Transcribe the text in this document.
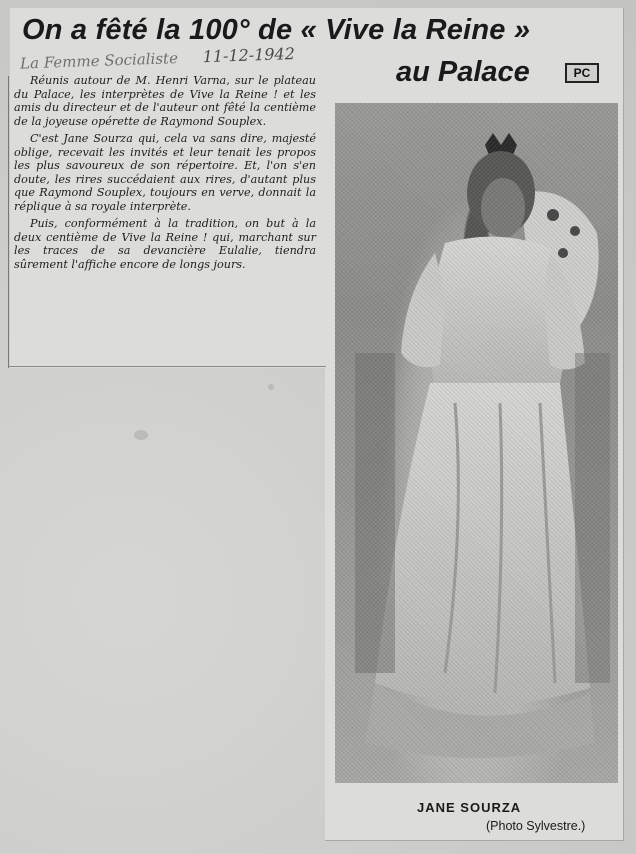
On a fêté la 100° de « Vive la Reine »
au Palace	PC
La Femme Socialiste 11-12-1942

Réunis autour de M. Henri Varna, sur le plateau du Palace, les interprètes de Vive la Reine ! et les amis du directeur et de l'auteur ont fêté la centième de la joyeuse opérette de Raymond Souplex.

C'est Jane Sourza qui, cela va sans dire, majesté oblige, recevait les invités et leur tenait les propos les plus savoureux de son répertoire. Et, l'on s'en doute, les rires succédaient aux rires, d'autant plus que Raymond Souplex, toujours en verve, donnait la réplique à sa royale interprète.

Puis, conformément à la tradition, on but à la deux centième de Vive la Reine ! qui, marchant sur les traces de sa devancière Eulalie, tiendra sûrement l'affiche encore de longs jours.

JANE SOURZA
(Photo Sylvestre.)
